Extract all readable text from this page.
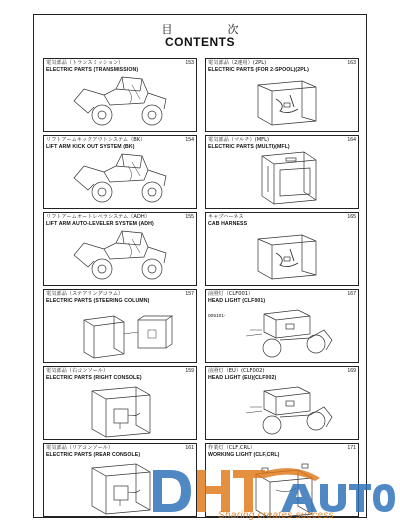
目　次
CONTENTS
電気部品（トランスミッション）
ELECTRIC PARTS (TRANSMISSION)
153
リフトアームキックアウトシステム（BK）
LIFT ARM KICK OUT SYSTEM (BK)
154
リフトアームオートレベラシステム（ADH）
LIFT ARM AUTO-LEVELER SYSTEM (ADH)
155
電気部品（ステアリングコラム）
ELECTRIC PARTS (STEERING COLUMN)
157
電気部品（右コンソール）
ELECTRIC PARTS (RIGHT CONSOLE)
159
電気部品（リアコンソール）
ELECTRIC PARTS (REAR CONSOLE)
161
電気部品（2速用）(2PL)
ELECTRIC PARTS (FOR 2-SPOOL)(2PL)
163
電気部品（マルチ）(MFL)
ELECTRIC PARTS (MULTI)(MFL)
164
キャブハーネス
CAB HARNESS
165
前照灯（CLF001）
HEAD LIGHT (CLF001)
167
005101-
前照灯（EU）(CLF002)
HEAD LIGHT (EU)(CLF002)
169
作業灯（CLF,CRL）
WORKING LIGHT (CLF,CRL)
171
Sharing creates success
